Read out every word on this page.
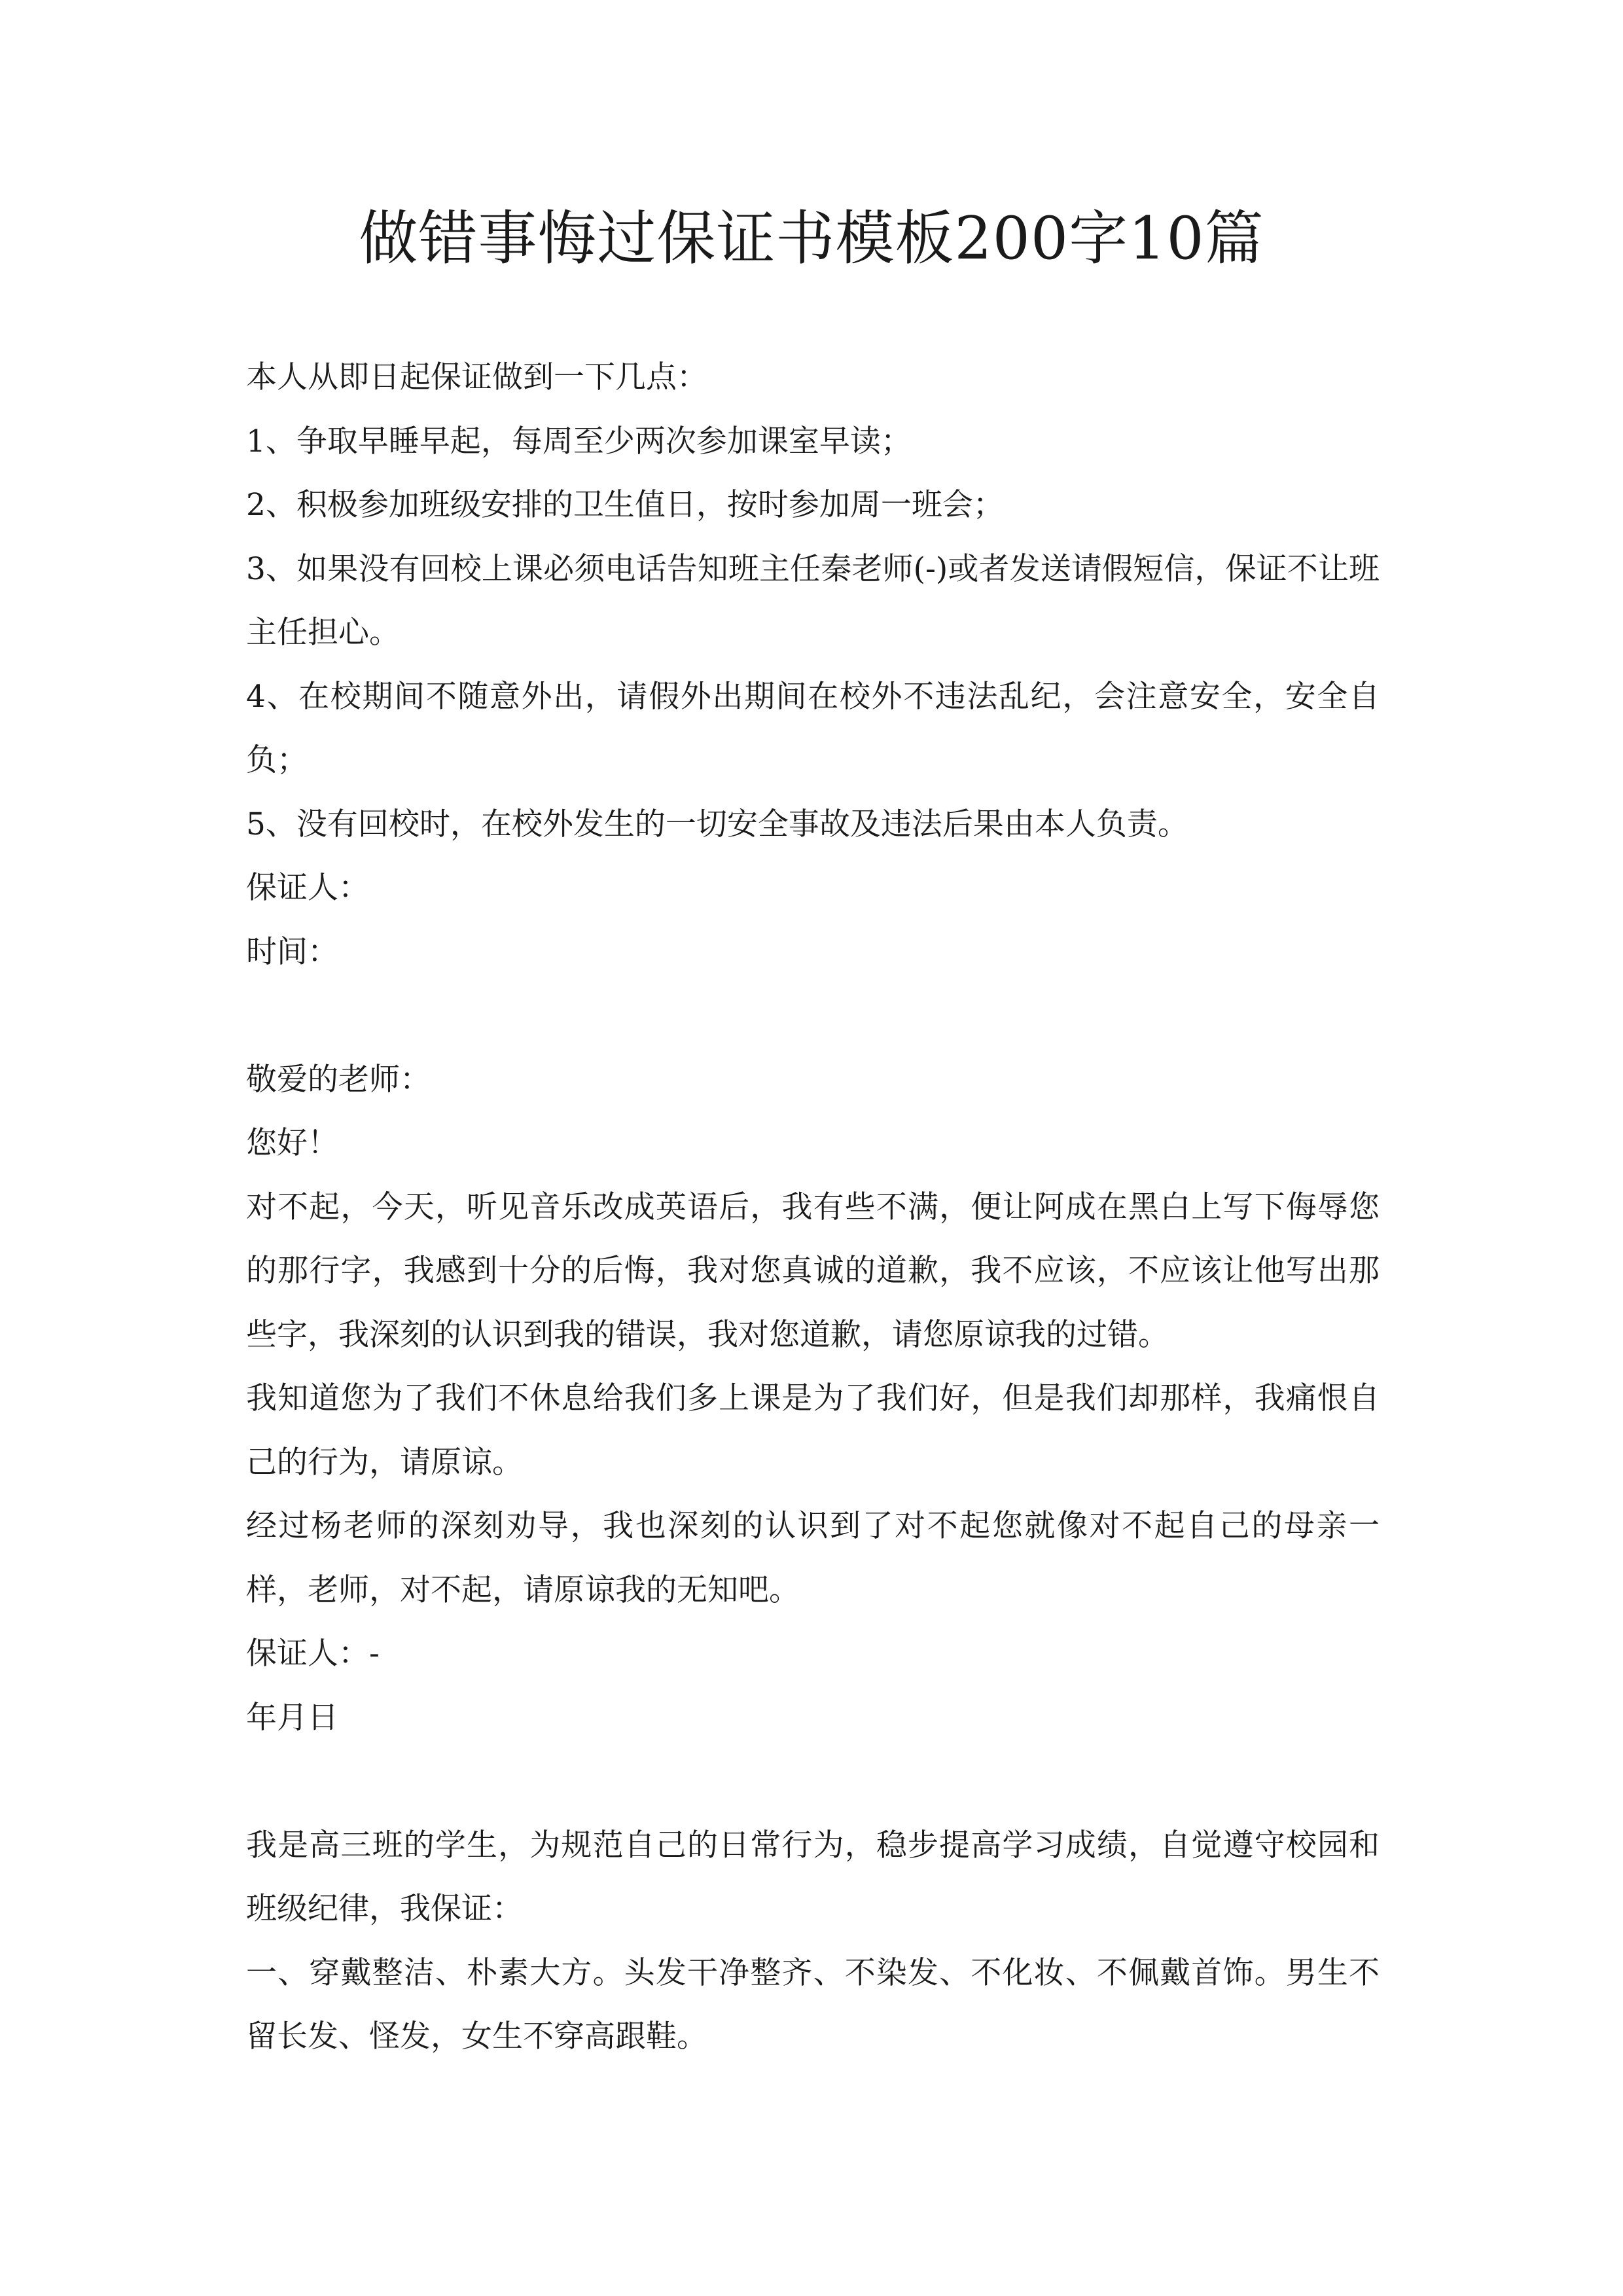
做错事悔过保证书模板200字10篇

本人从即日起保证做到一下几点：

1、争取早睡早起，每周至少两次参加课室早读；

2、积极参加班级安排的卫生值日，按时参加周一班会；

3、如果没有回校上课必须电话告知班主任秦老师(-)或者发送请假短信，保证不让班主任担心。

4、在校期间不随意外出，请假外出期间在校外不违法乱纪，会注意安全，安全自负；

5、没有回校时，在校外发生的一切安全事故及违法后果由本人负责。

保证人：

时间：

敬爱的老师：

您好！

对不起，今天，听见音乐改成英语后，我有些不满，便让阿成在黑白上写下侮辱您的那行字，我感到十分的后悔，我对您真诚的道歉，我不应该，不应该让他写出那些字，我深刻的认识到我的错误，我对您道歉，请您原谅我的过错。

我知道您为了我们不休息给我们多上课是为了我们好，但是我们却那样，我痛恨自己的行为，请原谅。

经过杨老师的深刻劝导，我也深刻的认识到了对不起您就像对不起自己的母亲一样，老师，对不起，请原谅我的无知吧。

保证人：-

年月日

我是高三班的学生，为规范自己的日常行为，稳步提高学习成绩，自觉遵守校园和班级纪律，我保证：

一、穿戴整洁、朴素大方。头发干净整齐、不染发、不化妆、不佩戴首饰。男生不留长发、怪发，女生不穿高跟鞋。
